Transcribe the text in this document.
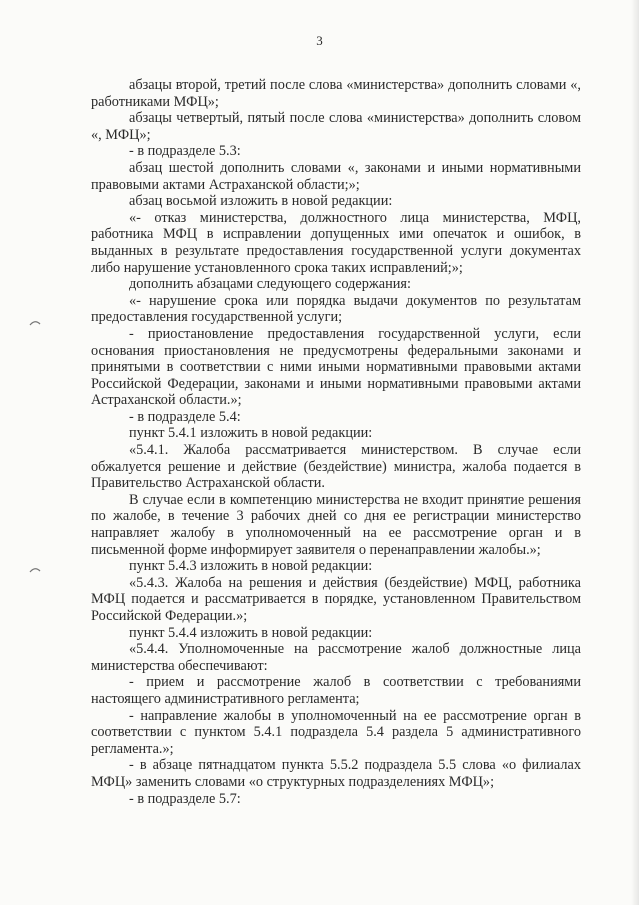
3

абзацы второй, третий после слова «министерства» дополнить словами «, работниками МФЦ»;

абзацы четвертый, пятый после слова «министерства» дополнить словом «, МФЦ»;

- в подразделе 5.3:

абзац шестой дополнить словами «, законами и иными нормативными правовыми актами Астраханской области;»;

абзац восьмой изложить в новой редакции:

«- отказ министерства, должностного лица министерства, МФЦ, работника МФЦ в исправлении допущенных ими опечаток и ошибок, в выданных в результате предоставления государственной услуги документах либо нарушение установленного срока таких исправлений;»;

дополнить абзацами следующего содержания:

«- нарушение срока или порядка выдачи документов по результатам предоставления государственной услуги;

- приостановление предоставления государственной услуги, если основания приостановления не предусмотрены федеральными законами и принятыми в соответствии с ними иными нормативными правовыми актами Российской Федерации, законами и иными нормативными правовыми актами Астраханской области.»;

- в подразделе 5.4:

пункт 5.4.1 изложить в новой редакции:

«5.4.1. Жалоба рассматривается министерством. В случае если обжалуется решение и действие (бездействие) министра, жалоба подается в Правительство Астраханской области.

В случае если в компетенцию министерства не входит принятие решения по жалобе, в течение 3 рабочих дней со дня ее регистрации министерство направляет жалобу в уполномоченный на ее рассмотрение орган и в письменной форме информирует заявителя о перенаправлении жалобы.»;

пункт 5.4.3 изложить в новой редакции:

«5.4.3. Жалоба на решения и действия (бездействие) МФЦ, работника МФЦ подается и рассматривается в порядке, установленном Правительством Российской Федерации.»;

пункт 5.4.4 изложить в новой редакции:

«5.4.4. Уполномоченные на рассмотрение жалоб должностные лица министерства обеспечивают:

- прием и рассмотрение жалоб в соответствии с требованиями настоящего административного регламента;

- направление жалобы в уполномоченный на ее рассмотрение орган в соответствии с пунктом 5.4.1 подраздела 5.4 раздела 5 административного регламента.»;

- в абзаце пятнадцатом пункта 5.5.2 подраздела 5.5 слова «о филиалах МФЦ» заменить словами «о структурных подразделениях МФЦ»;

- в подразделе 5.7:
